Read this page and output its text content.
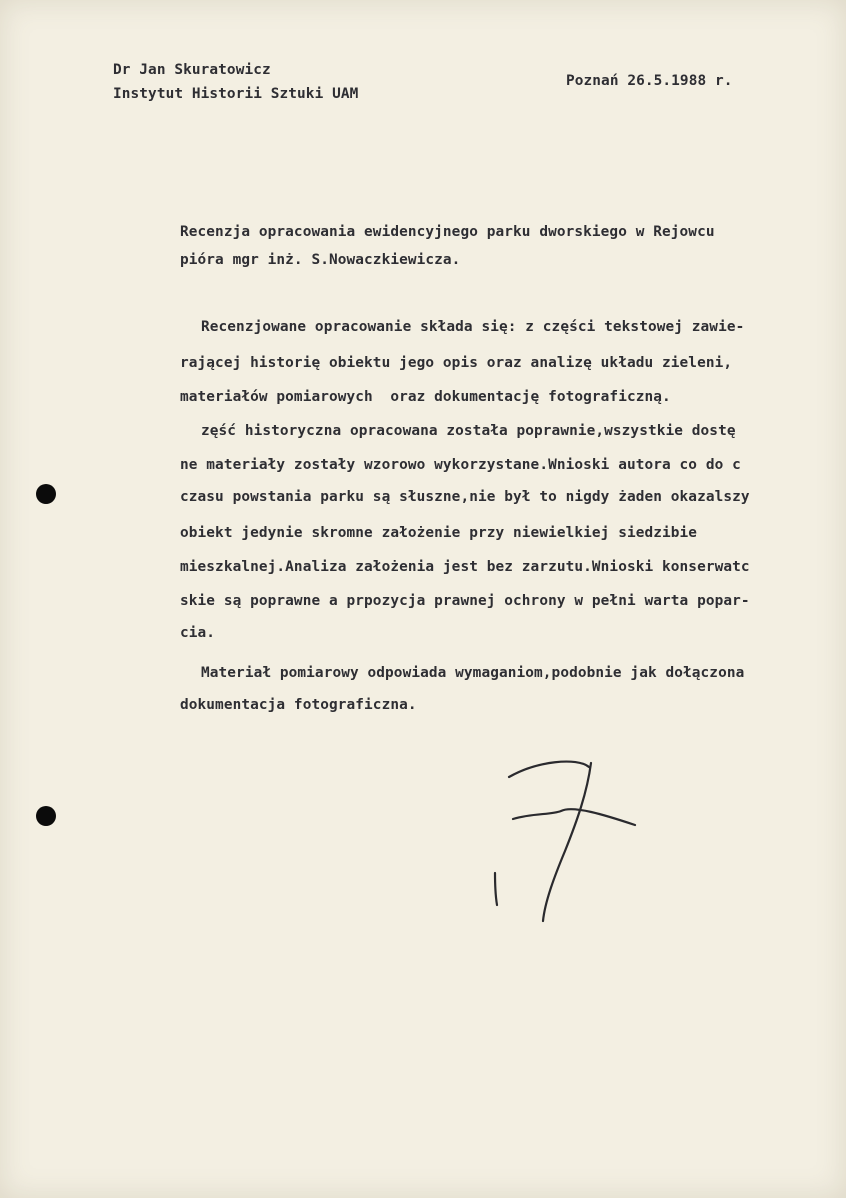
Dr Jan Skuratowicz
Instytut Historii Sztuki UAM
Poznań 26.5.1988 r.
Recenzja opracowania ewidencyjnego parku dworskiego w Rejowcu
pióra mgr inż. S.Nowaczkiewicza.
Recenzjowane opracowanie składa się: z części tekstowej zawie-
rającej historię obiektu jego opis oraz analizę układu zieleni,
materiałów pomiarowych  oraz dokumentację fotograficzną.
zęść historyczna opracowana została poprawnie,wszystkie dostę
ne materiały zostały wzorowo wykorzystane.Wnioski autora co do c
czasu powstania parku są słuszne,nie był to nigdy żaden okazalszy
obiekt jedynie skromne założenie przy niewielkiej siedzibie
mieszkalnej.Analiza założenia jest bez zarzutu.Wnioski konserwatc
skie są poprawne a prpozycja prawnej ochrony w pełni warta popar-
cia.
Materiał pomiarowy odpowiada wymaganiom,podobnie jak dołączona
dokumentacja fotograficzna.
